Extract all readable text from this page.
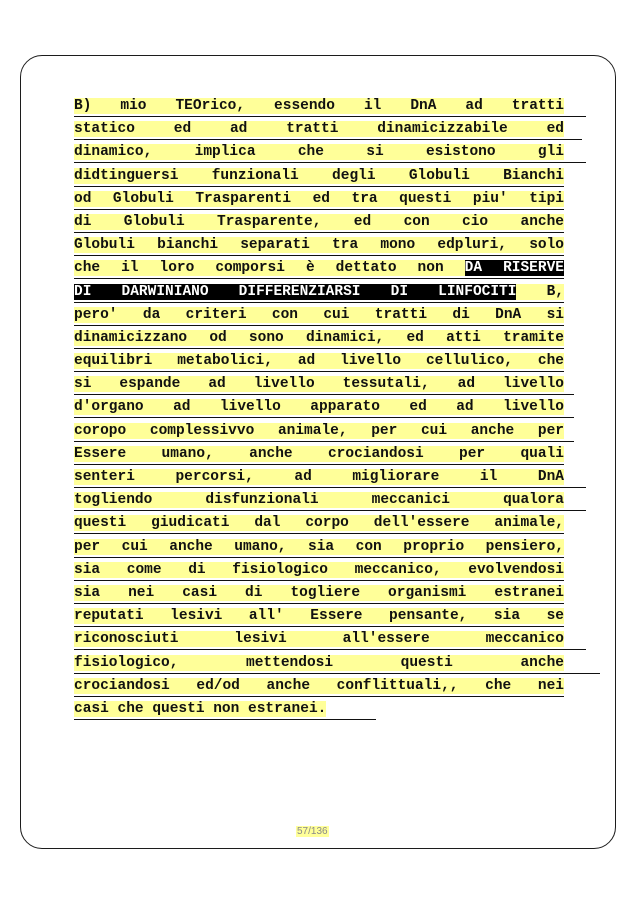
B) mio TEOrico, essendo il DnA ad tratti
statico ed ad tratti dinamicizzabile ed
dinamico, implica che si esistono gli
didtinguersi funzionali degli Globuli Bianchi
od Globuli Trasparenti ed tra questi piu' tipi
di Globuli Trasparente, ed con cio anche
Globuli bianchi separati tra mono edpluri, solo
che il loro comporsi è dettato non DA RISERVE
DI DARWINIANO DIFFERENZIARSI DI LINFOCITI B,
pero' da criteri con cui tratti di DnA si
dinamicizzano od sono dinamici, ed atti tramite
equilibri metabolici, ad livello cellulico, che
si espande ad livello tessutali, ad livello
d'organo ad livello apparato ed ad livello
coropo complessivvo animale, per cui anche per
Essere umano, anche crociandosi per quali
senteri percorsi, ad migliorare il DnA
togliendo disfunzionali meccanici qualora
questi giudicati dal corpo dell'essere animale,
per cui anche umano, sia con proprio pensiero,
sia come di fisiologico meccanico, evolvendosi
sia nei casi di togliere organismi estranei
reputati lesivi all' Essere pensante, sia se
riconosciuti lesivi all'essere meccanico
fisiologico, mettendosi questi anche
crociandosi ed/od anche conflittuali,, che nei
casi che questi non estranei.
57/136
